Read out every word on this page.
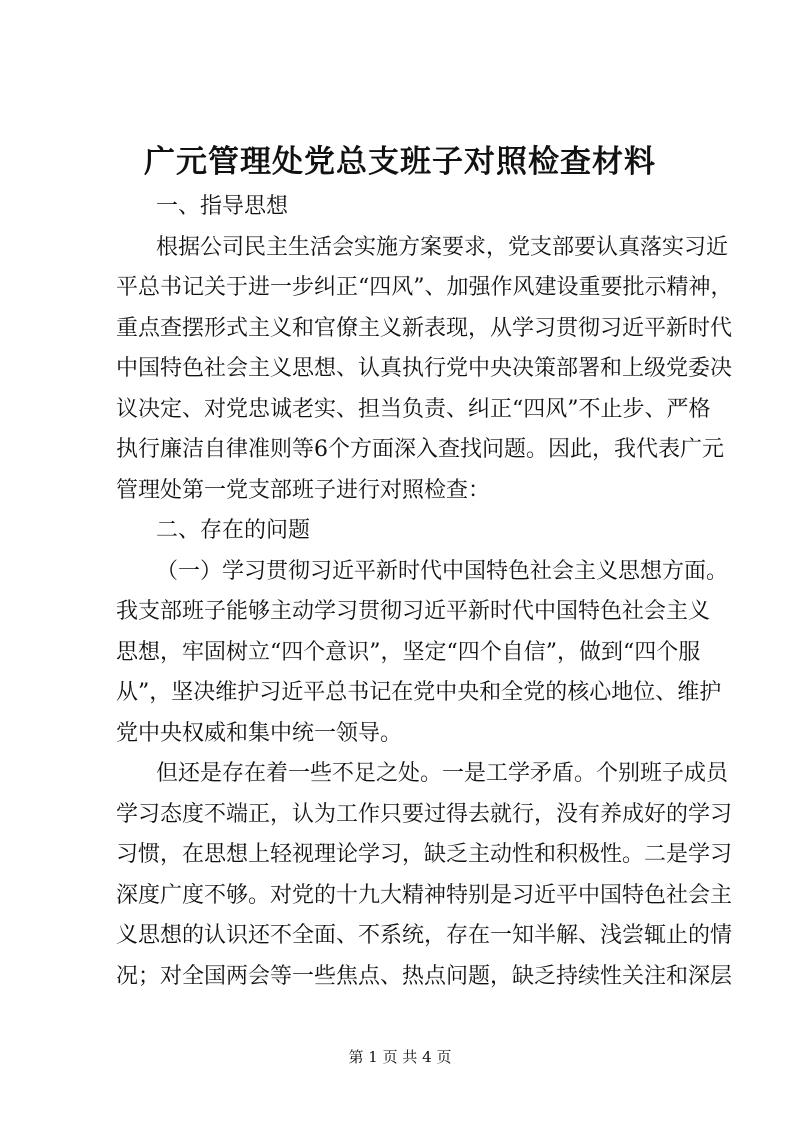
广元管理处党总支班子对照检查材料
一、指导思想
根据公司民主生活会实施方案要求，党支部要认真落实习近
平总书记关于进一步纠正“四风”、加强作风建设重要批示精神，
重点查摆形式主义和官僚主义新表现，从学习贯彻习近平新时代
中国特色社会主义思想、认真执行党中央决策部署和上级党委决
议决定、对党忠诚老实、担当负责、纠正“四风”不止步、严格
执行廉洁自律准则等6个方面深入查找问题。因此，我代表广元
管理处第一党支部班子进行对照检查：
二、存在的问题
（一）学习贯彻习近平新时代中国特色社会主义思想方面。
我支部班子能够主动学习贯彻习近平新时代中国特色社会主义
思想，牢固树立“四个意识”，坚定“四个自信”，做到“四个服
从”，坚决维护习近平总书记在党中央和全党的核心地位、维护
党中央权威和集中统一领导。
但还是存在着一些不足之处。一是工学矛盾。个别班子成员
学习态度不端正，认为工作只要过得去就行，没有养成好的学习
习惯，在思想上轻视理论学习，缺乏主动性和积极性。二是学习
深度广度不够。对党的十九大精神特别是习近平中国特色社会主
义思想的认识还不全面、不系统，存在一知半解、浅尝辄止的情
况；对全国两会等一些焦点、热点问题，缺乏持续性关注和深层
第 1 页 共 4 页
